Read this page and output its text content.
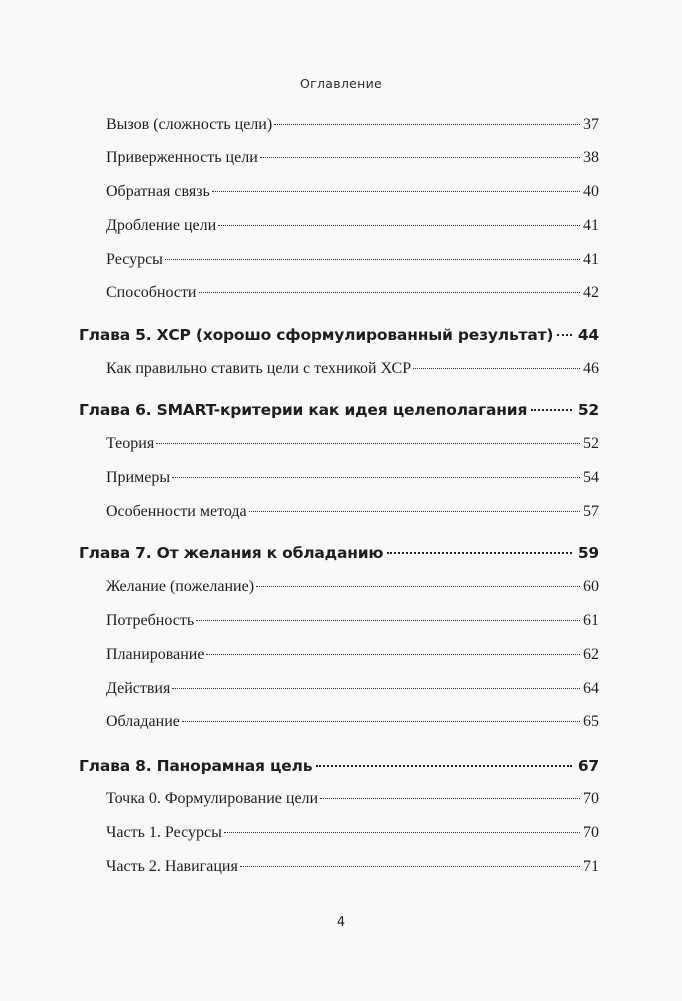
Оглавление
Вызов (сложность цели)	37
Приверженность цели	38
Обратная связь	40
Дробление цели	41
Ресурсы	41
Способности	42
Глава 5. ХСР (хорошо сформулированный результат) 44
Как правильно ставить цели с техникой ХСР	46
Глава 6. SMART-критерии как идея целеполагания	52
Теория	52
Примеры	54
Особенности метода	57
Глава 7. От желания к обладанию	59
Желание (пожелание)	60
Потребность	61
Планирование	62
Действия	64
Обладание	65
Глава 8. Панорамная цель	67
Точка 0. Формулирование цели	70
Часть 1. Ресурсы	70
Часть 2. Навигация	71
4
